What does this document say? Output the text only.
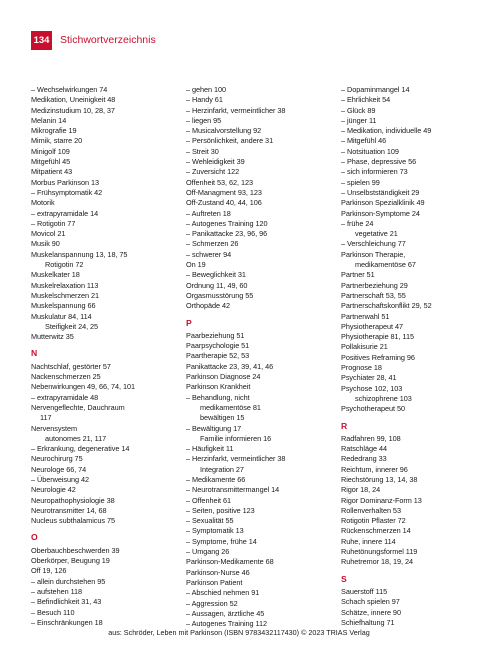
134 Stichwortverzeichnis
– Wechselwirkungen 74
Medikation, Uneinigkeit 48
Medizinstudium 10, 28, 37
Melanin 14
Mikrografie 19
Mimik, starre 20
Minigolf 109
Mitgefühl 45
Mitpatient 43
Morbus Parkinson 13
– Frühsymptomatik 42
Motorik
– extrapyramidale 14
– Rotigotin 77
Movicol 21
Musik 90
Muskelanspannung 13, 18, 75
Rotigotin 72
Muskelkater 18
Muskelrelaxation 113
Muskelschmerzen 21
Muskelspannung 66
Muskulatur 84, 114
Steifigkeit 24, 25
Mutterwitz 35
N
Nachtschlaf, gestörter 57
Nackenschmerzen 25
Nebenwirkungen 49, 66, 74, 101
– extrapyramidale 48
Nervengeflechte, Dauchraum
117
Nervensystem
autonomes 21, 117
– Erkrankung, degenerative 14
Neurochirurg 75
Neurologe 66, 74
– Überweisung 42
Neurologie 42
Neuropathophysiologie 38
Neurotransmitter 14, 68
Nucleus subthalamicus 75
O
Oberbauchbeschwerden 39
Oberkörper, Beugung 19
Off 19, 126
– allein durchstehen 95
– aufstehen 118
– Befindlichkeit 31, 43
– Besuch 110
– Einschränkungen 18
– gehen 100
– Handy 61
– Herzinfarkt, vermeintlicher 38
– liegen 95
– Musicalvorstellung 92
– Persönlichkeit, andere 31
– Streit 30
– Wehleidigkeit 39
– Zuversicht 122
Offenheit 53, 62, 123
Off-Managment 93, 123
Off-Zustand 40, 44, 106
– Auftreten 18
– Autogenes Training 120
– Panikattacke 23, 96, 96
– Schmerzen 26
– schwerer 94
On 19
– Beweglichkeit 31
Ordnung 11, 49, 60
Orgasmusstörung 55
Orthopäde 42
P
Paarbeziehung 51
Paarpsychologie 51
Paartherapie 52, 53
Panikattacke 23, 39, 41, 46
Parkinson Diagnose 24
Parkinson Krankheit
– Behandlung, nicht
medikamentöse 81
bewältigen 15
– Bewältigung 17
Familie informieren 16
– Häufigkeit 11
– Herzinfarkt, vermeintlicher 38
Integration 27
– Medikamente 66
– Neurotransmittermangel 14
– Offenheit 61
– Seiten, positive 123
– Sexualität 55
– Symptomatik 13
– Symptome, frühe 14
– Umgang 26
Parkinson-Medikamente 68
Parkinson-Nurse 46
Parkinson Patient
– Abschied nehmen 91
– Aggression 52
– Aussagen, ärztliche 45
– Autogenes Training 112
– Dopaminmangel 14
– Ehrlichkeit 54
– Glück 89
– jünger 11
– Medikation, individuelle 49
– Mitgefühl 46
– Notsituation 109
– Phase, depressive 56
– sich informieren 73
– spielen 99
– Unselbstständigkeit 29
Parkinson Spezialklinik 49
Parkinson-Symptome 24
– frühe 24
vegetative 21
– Verschleichung 77
Parkinson Therapie,
medikamentöse 67
Partner 51
Partnerbeziehung 29
Partnerschaft 53, 55
Partnerschaftskonflikt 29, 52
Partnerwahl 51
Physiotherapeut 47
Physiotherapie 81, 115
Pollakisurie 21
Positives Reframing 96
Prognose 18
Psychiater 28, 41
Psychose 102, 103
schizophrene 103
Psychotherapeut 50
R
Radfahren 99, 108
Ratschläge 44
Rededrang 33
Reichtum, innerer 96
Riechstörung 13, 14, 38
Rigor 18, 24
Rigor Dominanz-Form 13
Rollenverhalten 53
Rotigotin Pflaster 72
Rückenschmerzen 14
Ruhe, innere 114
Ruhetönungsformel 119
Ruhetremor 18, 19, 24
S
Sauerstoff 115
Schach spielen 97
Schätze, innere 90
Schiefhaltung 71
aus: Schröder, Leben mit Parkinson (ISBN 9783432117430) © 2023 TRIAS Verlag
